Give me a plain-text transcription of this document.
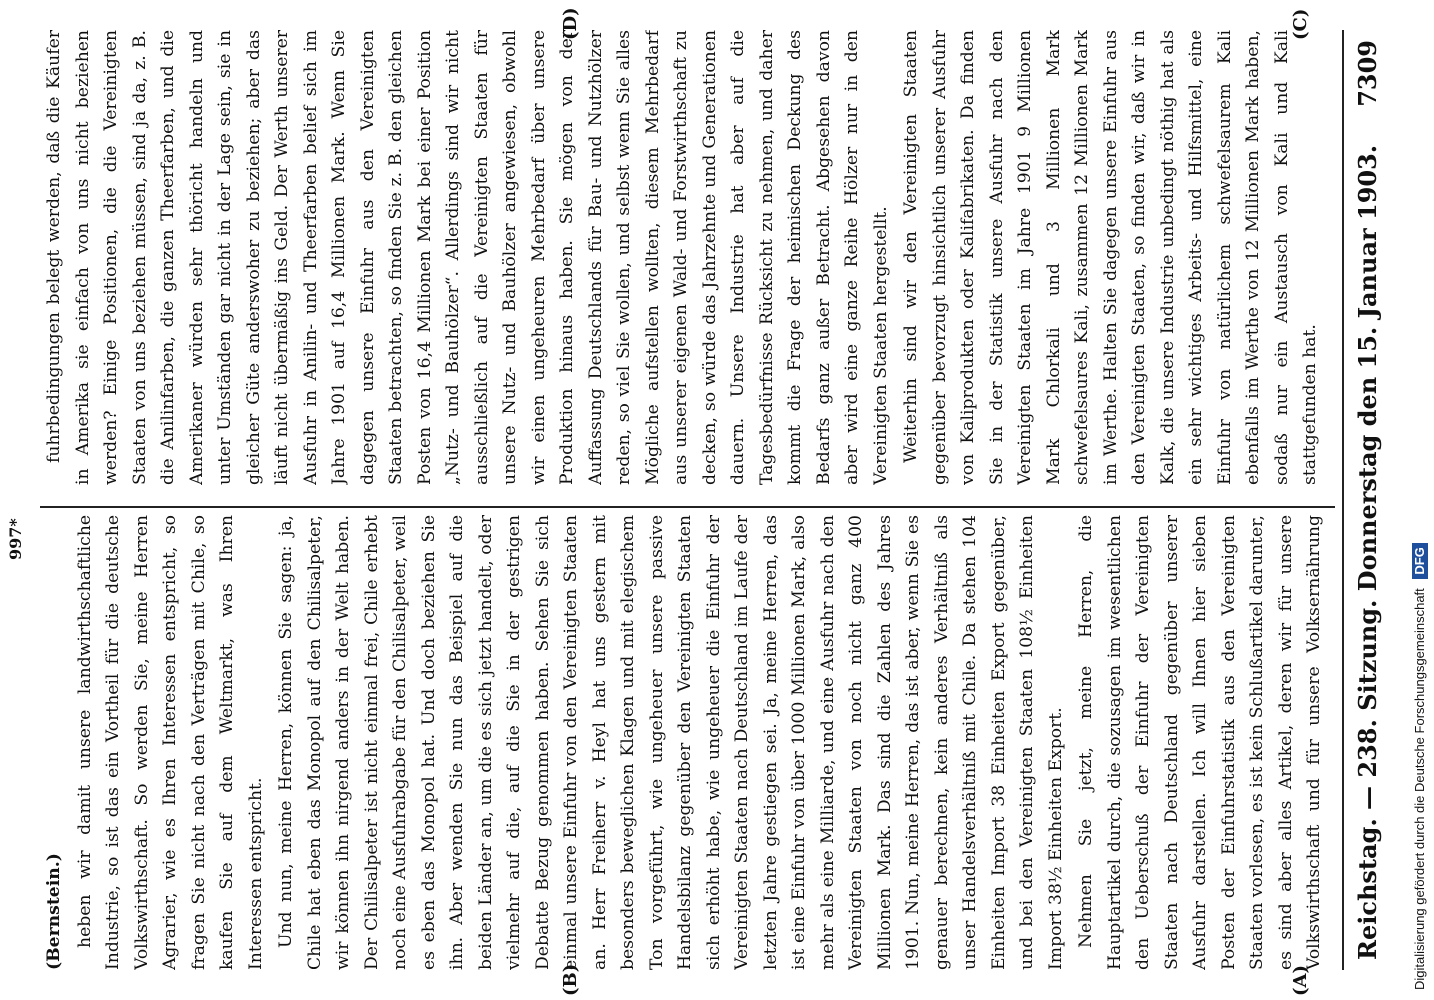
Reichstag. — 238. Sitzung. Donnerstag den 15. Januar 1903.
7309
(A)
(B)
(C)
(D)

(Bernstein.) heben wir damit unsere landwirthschaftliche Industrie, so ist das ein Vortheil für die deutsche Volkswirthschaft. So werden Sie, meine Herren Agrarier, wie es Ihren Interessen entspricht, so fragen Sie nicht nach den Verträgen mit Chile, so kaufen Sie auf dem Weltmarkt, was Ihren Interessen entspricht. Und nun, meine Herren, können Sie sagen: ja, Chile hat eben das Monopol auf den Chilisalpeter, wir können ihn nirgend anders in der Welt haben. Der Chilisalpeter ist nicht einmal frei, Chile erhebt noch eine Ausfuhrabgabe für den Chilisalpeter, weil es eben das Monopol hat. Und doch beziehen Sie ihn. Aber wenden Sie nun das Beispiel auf die beiden Länder an, um die es sich jetzt handelt, oder vielmehr auf die, auf die Sie in der gestrigen Debatte Bezug genommen haben. Sehen Sie sich einmal unsere Einfuhr von den Vereinigten Staaten an. Herr Freiherr v. Heyl hat uns gestern mit besonders beweglichen Klagen und mit elegischem Ton vorgeführt, wie ungeheuer unsere passive Handelsbilanz gegenüber den Vereinigten Staaten sich erhöht habe, wie ungeheuer die Einfuhr der Vereinigten Staaten nach Deutschland im Laufe der letzten Jahre gestiegen sei. Ja, meine Herren, das ist eine Einfuhr von über 1000 Millionen Mark, also mehr als eine Milliarde, und eine Ausfuhr nach den Vereinigten Staaten von noch nicht ganz 400 Millionen Mark. Das sind die Zahlen des Jahres 1901. Nun, meine Herren, das ist aber, wenn Sie es genauer berechnen, kein anderes Verhältniß als unser Handelsverhältniß mit Chile. Da stehen 104 Einheiten Import 38 Einheiten Export gegenüber, und bei den Vereinigten Staaten 108½ Einheiten Import 38½ Einheiten Export. Nehmen Sie jetzt, meine Herren, die Hauptartikel durch, die sozusagen im wesentlichen den Ueberschuß der Einfuhr der Vereinigten Staaten nach Deutschland gegenüber unserer Ausfuhr darstellen. Ich will Ihnen hier sieben Posten der Einfuhrstatistik aus den Vereinigten Staaten vorlesen, es ist kein Schlußartikel darunter, es sind aber alles Artikel, deren wir für unsere Volkswirthschaft und für unsere Volksernährung

fuhrbedingungen belegt werden, daß die Käufer in Amerika sie einfach von uns nicht beziehen werden? Einige Positionen, die die Vereinigten Staaten von uns beziehen müssen, sind ja da, z. B. die Anilinfarben, die ganzen Theerfarben, und die Amerikaner würden sehr thöricht handeln und unter Umständen gar nicht in der Lage sein, sie in gleicher Güte anderswoher zu beziehen; aber das läuft nicht übermäßig ins Geld. Der Werth unserer Ausfuhr in Anilin- und Theerfarben belief sich im Jahre 1901 auf 16,4 Millionen Mark. Wenn Sie dagegen unsere Einfuhr aus den Vereinigten Staaten betrachten, so finden Sie z. B. den gleichen Posten von 16,4 Millionen Mark bei einer Position „Nutz- und Bauhölzer“. Allerdings sind wir nicht ausschließlich auf die Vereinigten Staaten für unsere Nutz- und Bauhölzer angewiesen, obwohl wir einen ungeheuren Mehrbedarf über unsere Produktion hinaus haben. Sie mögen von der Auffassung Deutschlands für Bau- und Nutzhölzer reden, so viel Sie wollen, und selbst wenn Sie alles Mögliche aufstellen wollten, diesem Mehrbedarf aus unserer eigenen Wald- und Forstwirthschaft zu decken, so würde das Jahrzehnte und Generationen dauern. Unsere Industrie hat aber auf die Tagesbedürfnisse Rücksicht zu nehmen, und daher kommt die Frage der heimischen Deckung des Bedarfs ganz außer Betracht. Abgesehen davon aber wird eine ganze Reihe Hölzer nur in den Vereinigten Staaten hergestellt. Weiterhin sind wir den Vereinigten Staaten gegenüber bevorzugt hinsichtlich unserer Ausfuhr von Kaliprodukten oder Kalifabrikaten. Da finden Sie in der Statistik unsere Ausfuhr nach den Vereinigten Staaten im Jahre 1901 9 Millionen Mark Chlorkali und 3 Millionen Mark schwefelsaures Kali, zusammen 12 Millionen Mark im Werthe. Halten Sie dagegen unsere Einfuhr aus den Vereinigten Staaten, so finden wir, daß wir in Kalk, die unsere Industrie unbedingt nöthig hat als ein sehr wichtiges Arbeits- und Hilfsmittel, eine Einfuhr von natürlichem schwefelsaurem Kali ebenfalls im Werthe von 12 Millionen Mark haben, sodaß nur ein Austausch von Kali und Kali stattgefunden hat.

997*
Digitalisierung gefördert durch die Deutsche Forschungsgemeinschaft DFG
